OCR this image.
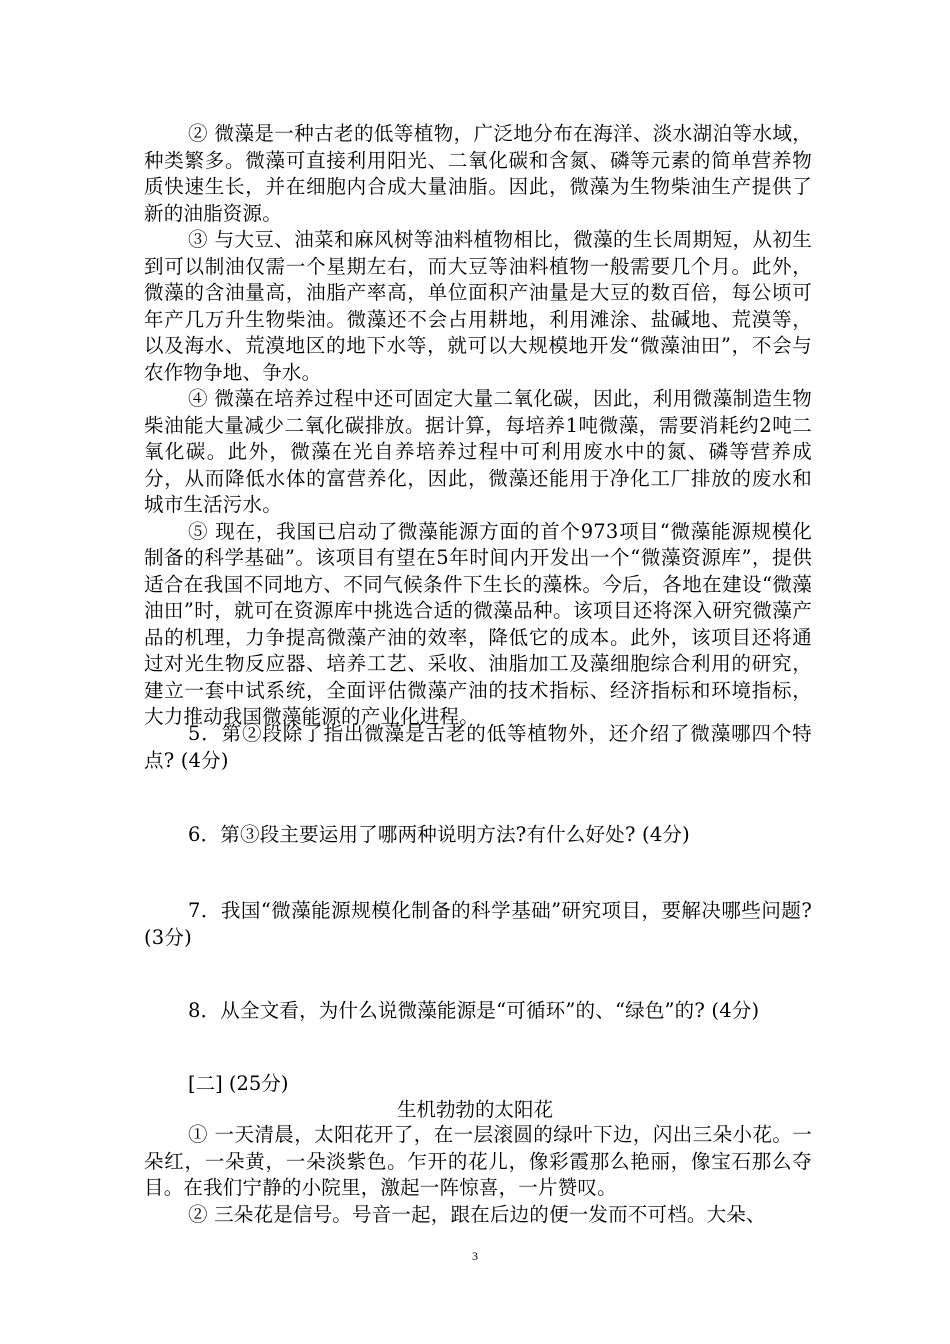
② 微藻是一种古老的低等植物，广泛地分布在海洋、淡水湖泊等水域，种类繁多。微藻可直接利用阳光、二氧化碳和含氮、磷等元素的简单营养物质快速生长，并在细胞内合成大量油脂。因此，微藻为生物柴油生产提供了新的油脂资源。

③ 与大豆、油菜和麻风树等油料植物相比，微藻的生长周期短，从初生到可以制油仅需一个星期左右，而大豆等油料植物一般需要几个月。此外，微藻的含油量高，油脂产率高，单位面积产油量是大豆的数百倍，每公顷可年产几万升生物柴油。微藻还不会占用耕地，利用滩涂、盐碱地、荒漠等，以及海水、荒漠地区的地下水等，就可以大规模地开发“微藻油田”，不会与农作物争地、争水。

④ 微藻在培养过程中还可固定大量二氧化碳，因此，利用微藻制造生物柴油能大量减少二氧化碳排放。据计算，每培养1吨微藻，需要消耗约2吨二氧化碳。此外，微藻在光自养培养过程中可利用废水中的氮、磷等营养成分，从而降低水体的富营养化，因此，微藻还能用于净化工厂排放的废水和城市生活污水。

⑤ 现在，我国已启动了微藻能源方面的首个973项目“微藻能源规模化制备的科学基础”。该项目有望在5年时间内开发出一个“微藻资源库”，提供适合在我国不同地方、不同气候条件下生长的藻株。今后，各地在建设“微藻油田”时，就可在资源库中挑选合适的微藻品种。该项目还将深入研究微藻产品的机理，力争提高微藻产油的效率，降低它的成本。此外，该项目还将通过对光生物反应器、培养工艺、采收、油脂加工及藻细胞综合利用的研究，建立一套中试系统，全面评估微藻产油的技术指标、经济指标和环境指标，大力推动我国微藻能源的产业化进程。

5．第②段除了指出微藻是古老的低等植物外，还介绍了微藻哪四个特点? (4分)

6．第③段主要运用了哪两种说明方法?有什么好处? (4分)

7．我国“微藻能源规模化制备的科学基础”研究项目，要解决哪些问题? (3分)

8．从全文看，为什么说微藻能源是“可循环”的、“绿色”的? (4分)

[二] (25分)

生机勃勃的太阳花

① 一天清晨，太阳花开了，在一层滚圆的绿叶下边，闪出三朵小花。一朵红，一朵黄，一朵淡紫色。乍开的花儿，像彩霞那么艳丽，像宝石那么夺目。在我们宁静的小院里，激起一阵惊喜，一片赞叹。

② 三朵花是信号。号音一起，跟在后边的便一发而不可档。大朵、

3
